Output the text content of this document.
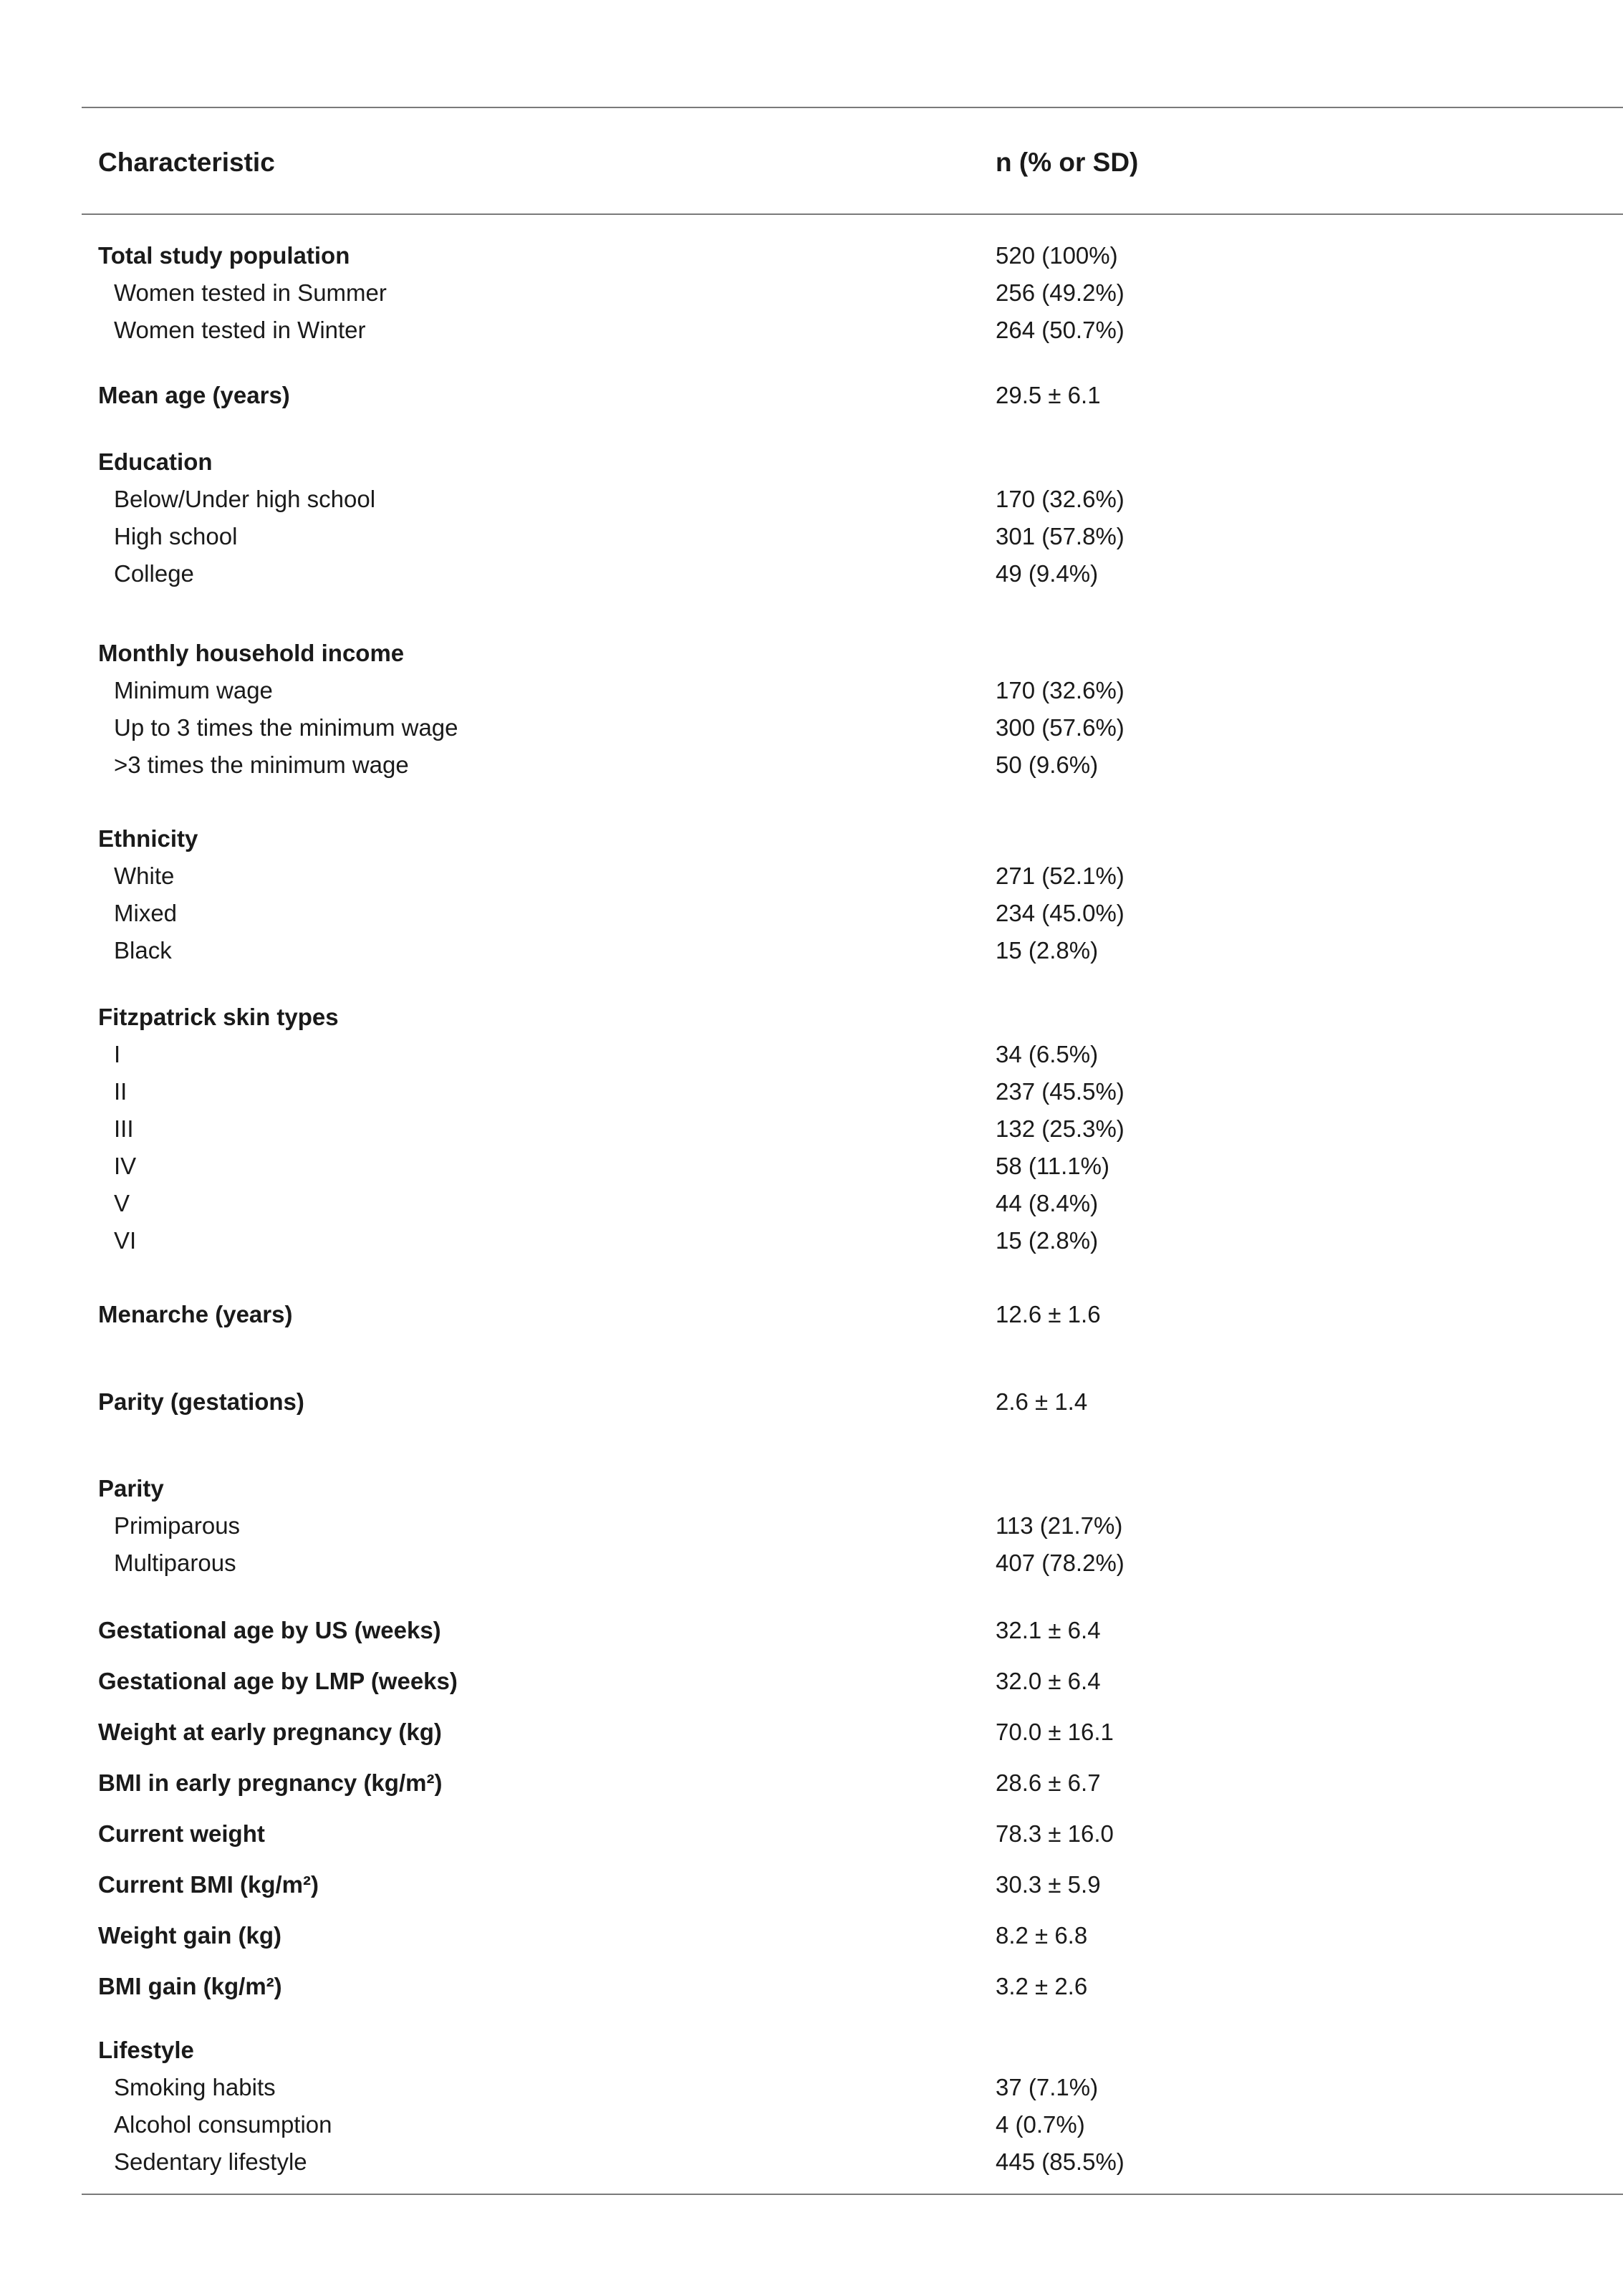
Characteristic	n (% or SD)
Total study population	520 (100%)
Women tested in Summer	256 (49.2%)
Women tested in Winter	264 (50.7%)
Mean age (years)	29.5 ± 6.1
Education
Below/Under high school	170 (32.6%)
High school	301 (57.8%)
College	49 (9.4%)
Monthly household income
Minimum wage	170 (32.6%)
Up to 3 times the minimum wage	300 (57.6%)
>3 times the minimum wage	50 (9.6%)
Ethnicity
White	271 (52.1%)
Mixed	234 (45.0%)
Black	15 (2.8%)
Fitzpatrick skin types
I	34 (6.5%)
II	237 (45.5%)
III	132 (25.3%)
IV	58 (11.1%)
V	44 (8.4%)
VI	15 (2.8%)
Menarche (years)	12.6 ± 1.6
Parity (gestations)	2.6 ± 1.4
Parity
Primiparous	113 (21.7%)
Multiparous	407 (78.2%)
Gestational age by US (weeks)	32.1 ± 6.4
Gestational age by LMP (weeks)	32.0 ± 6.4
Weight at early pregnancy (kg)	70.0 ± 16.1
BMI in early pregnancy (kg/m²)	28.6 ± 6.7
Current weight	78.3 ± 16.0
Current BMI (kg/m²)	30.3 ± 5.9
Weight gain (kg)	8.2 ± 6.8
BMI gain (kg/m²)	3.2 ± 2.6
Lifestyle
Smoking habits	37 (7.1%)
Alcohol consumption	4 (0.7%)
Sedentary lifestyle	445 (85.5%)
